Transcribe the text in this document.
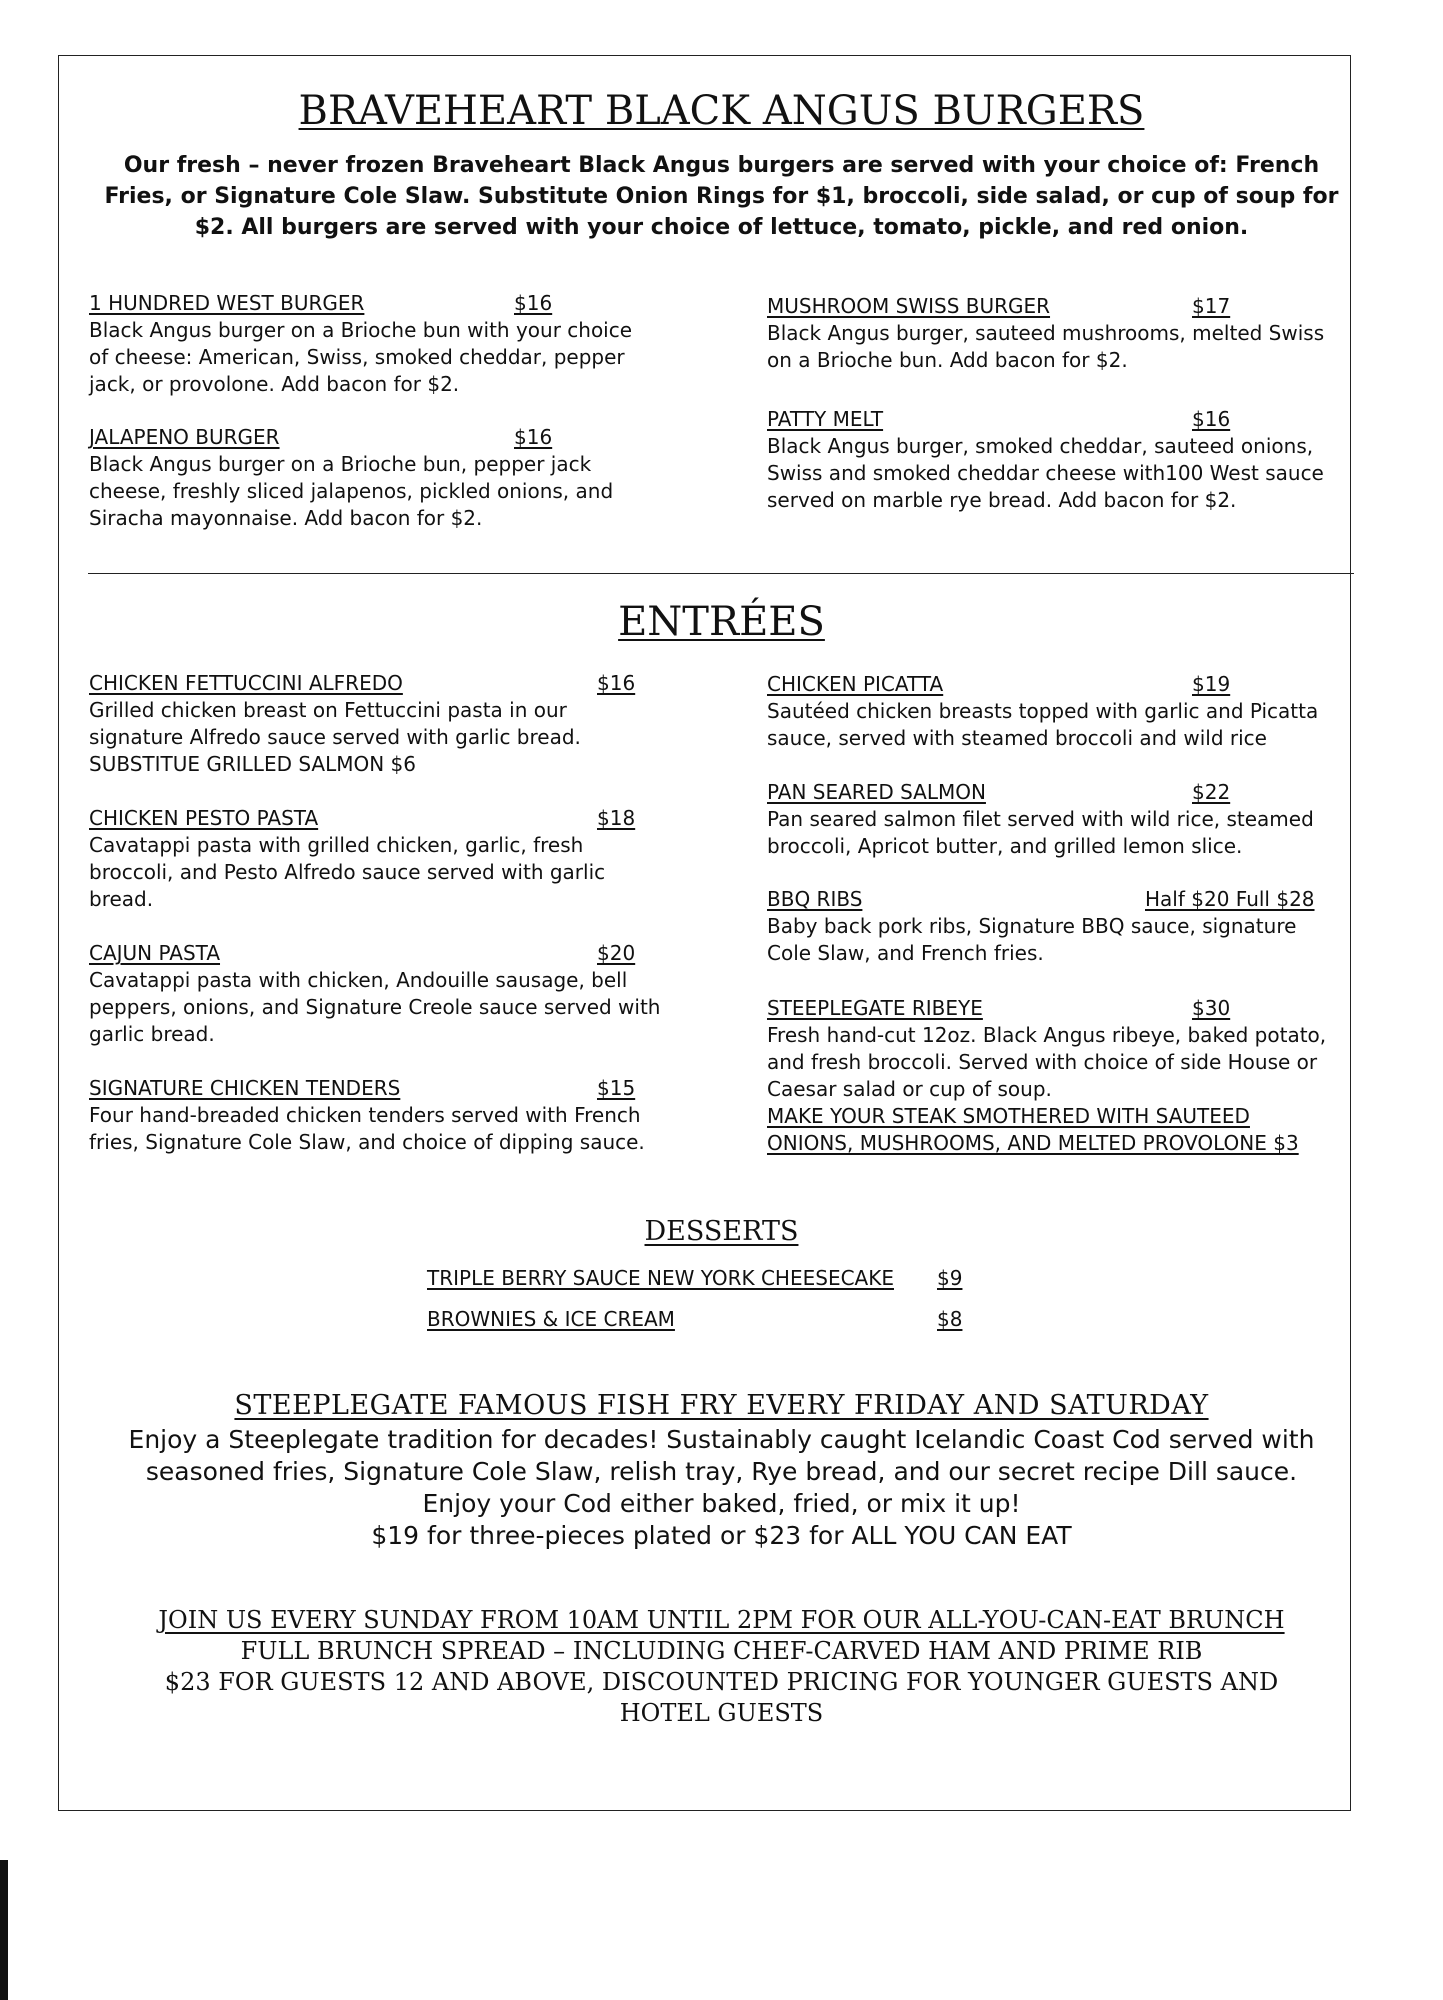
BRAVEHEART BLACK ANGUS BURGERS
Our fresh – never frozen Braveheart Black Angus burgers are served with your choice of: French Fries, or Signature Cole Slaw. Substitute Onion Rings for $1, broccoli, side salad, or cup of soup for $2. All burgers are served with your choice of lettuce, tomato, pickle, and red onion.
1 HUNDRED WEST BURGER	$16
Black Angus burger on a Brioche bun with your choice
of cheese: American, Swiss, smoked cheddar, pepper
jack, or provolone. Add bacon for $2.
JALAPENO BURGER	$16
Black Angus burger on a Brioche bun, pepper jack
cheese, freshly sliced jalapenos, pickled onions, and
Siracha mayonnaise. Add bacon for $2.
MUSHROOM SWISS BURGER	$17
Black Angus burger, sauteed mushrooms, melted Swiss
on a Brioche bun. Add bacon for $2.
PATTY MELT	$16
Black Angus burger, smoked cheddar, sauteed onions,
Swiss and smoked cheddar cheese with100 West sauce
served on marble rye bread. Add bacon for $2.
ENTRÉES
CHICKEN FETTUCCINI ALFREDO	$16
Grilled chicken breast on Fettuccini pasta in our
signature Alfredo sauce served with garlic bread.
SUBSTITUE GRILLED SALMON $6
CHICKEN PESTO PASTA	$18
Cavatappi pasta with grilled chicken, garlic, fresh
broccoli, and Pesto Alfredo sauce served with garlic
bread.
CAJUN PASTA	$20
Cavatappi pasta with chicken, Andouille sausage, bell
peppers, onions, and Signature Creole sauce served with
garlic bread.
SIGNATURE CHICKEN TENDERS	$15
Four hand-breaded chicken tenders served with French
fries, Signature Cole Slaw, and choice of dipping sauce.
CHICKEN PICATTA	$19
Sautéed chicken breasts topped with garlic and Picatta
sauce, served with steamed broccoli and wild rice
PAN SEARED SALMON	$22
Pan seared salmon filet served with wild rice, steamed
broccoli, Apricot butter, and grilled lemon slice.
BBQ RIBS	Half $20 Full $28
Baby back pork ribs, Signature BBQ sauce, signature
Cole Slaw, and French fries.
STEEPLEGATE RIBEYE	$30
Fresh hand-cut 12oz. Black Angus ribeye, baked potato,
and fresh broccoli. Served with choice of side House or
Caesar salad or cup of soup.
MAKE YOUR STEAK SMOTHERED WITH SAUTEED
ONIONS, MUSHROOMS, AND MELTED PROVOLONE $3
DESSERTS
TRIPLE BERRY SAUCE NEW YORK CHEESECAKE $9
BROWNIES & ICE CREAM	$8
STEEPLEGATE FAMOUS FISH FRY EVERY FRIDAY AND SATURDAY
Enjoy a Steeplegate tradition for decades! Sustainably caught Icelandic Coast Cod served with
seasoned fries, Signature Cole Slaw, relish tray, Rye bread, and our secret recipe Dill sauce.
Enjoy your Cod either baked, fried, or mix it up!
$19 for three-pieces plated or $23 for ALL YOU CAN EAT
JOIN US EVERY SUNDAY FROM 10AM UNTIL 2PM FOR OUR ALL-YOU-CAN-EAT BRUNCH
FULL BRUNCH SPREAD – INCLUDING CHEF-CARVED HAM AND PRIME RIB
$23 FOR GUESTS 12 AND ABOVE, DISCOUNTED PRICING FOR YOUNGER GUESTS AND
HOTEL GUESTS
